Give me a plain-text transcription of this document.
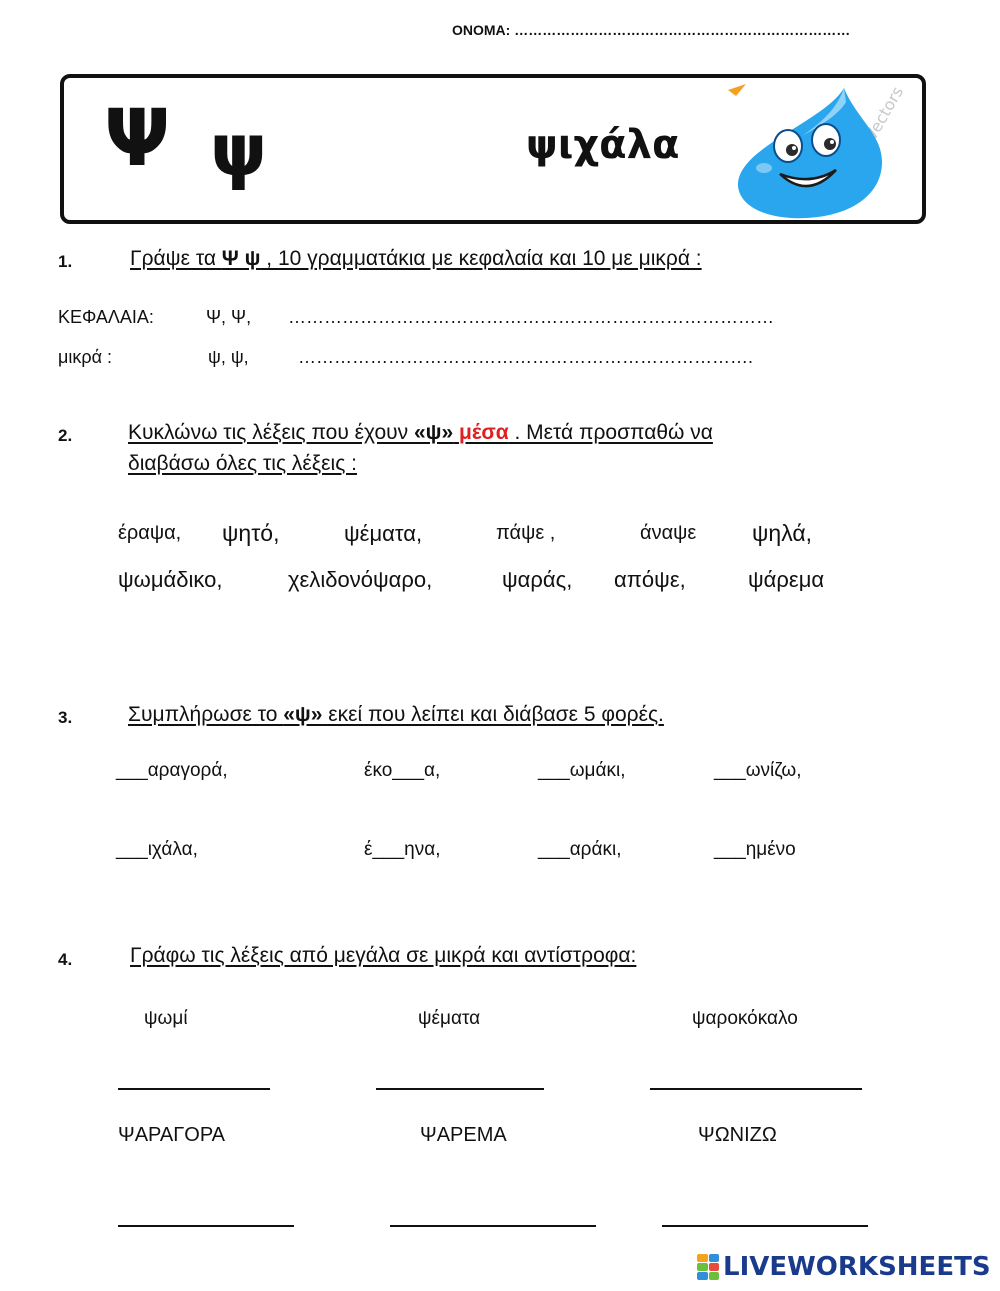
ONOMA: ………………………………………………………………
Ψ ψ	ψιχάλα
Vectors
1.	Γράψε τα Ψ ψ , 10 γραμματάκια με κεφαλαία και 10 με μικρά :
ΚΕΦΑΛΑΙΑ:	Ψ, Ψ, ………………………………………………………………………
μικρά :	ψ, ψ,	………………………………………………………………….
2.	Κυκλώνω τις λέξεις που έχουν «ψ» μέσα . Μετά προσπαθώ να
διαβάσω όλες τις λέξεις :
έραψα, ψητό,	ψέματα,	πάψε ,	άναψε ψηλά,
ψωμάδικο,	χελιδονόψαρο,	ψαράς, απόψε,	ψάρεμα
3.	Συμπλήρωσε το «ψ» εκεί που λείπει και διάβασε 5 φορές.
___αραγορά,	έκο___α,	___ωμάκι,	___ωνίζω,
___ιχάλα,	έ___ηνα,	___αράκι,	___ημένο
4.	Γράφω τις λέξεις από μεγάλα σε μικρά και αντίστροφα:
ψωμί	ψέματα	ψαροκόκαλο
ΨΑΡΑΓΟΡΑ	ΨΑΡΕΜΑ	ΨΩΝΙΖΩ
LIVEWORKSHEETS
